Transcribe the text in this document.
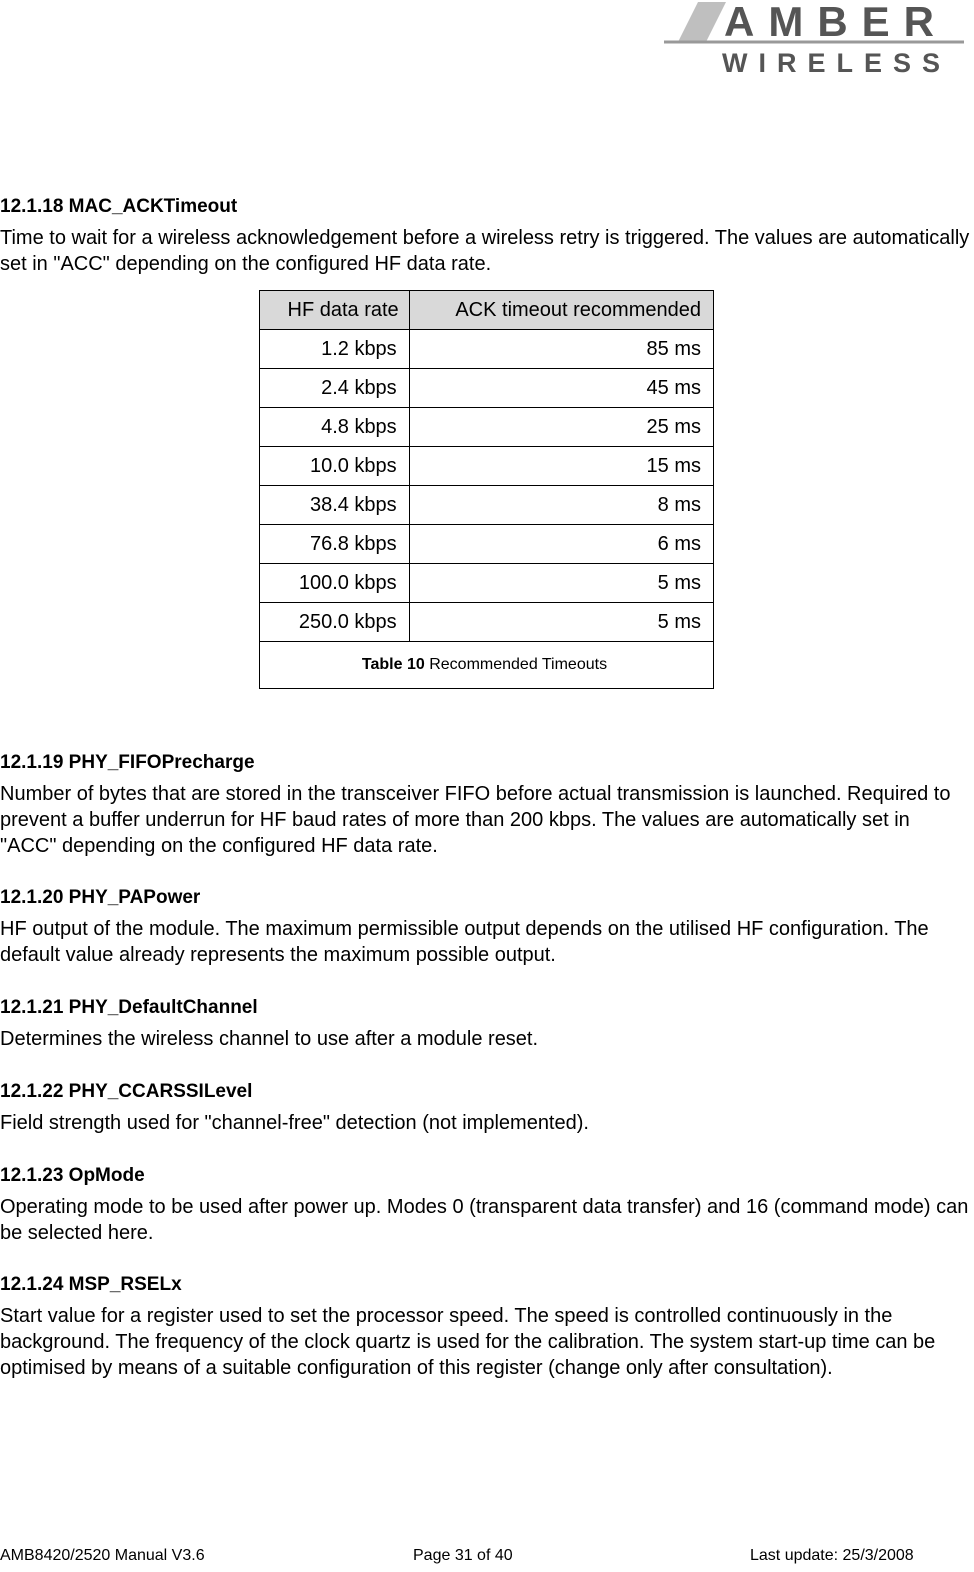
AMBER
WIRELESS
12.1.18 MAC_ACKTimeout

Time to wait for a wireless acknowledgement before a wireless retry is triggered. The values are automatically set in "ACC" depending on the configured HF data rate.

HF data rate	ACK timeout recommended
1.2 kbps	85 ms
2.4 kbps	45 ms
4.8 kbps	25 ms
10.0 kbps	15 ms
38.4 kbps	8 ms
76.8 kbps	6 ms
100.0 kbps	5 ms
250.0 kbps	5 ms
Table 10 Recommended Timeouts	
12.1.19 PHY_FIFOPrecharge

Number of bytes that are stored in the transceiver FIFO before actual transmission is launched. Required to prevent a buffer underrun for HF baud rates of more than 200 kbps. The values are automatically set in "ACC" depending on the configured HF data rate.

12.1.20 PHY_PAPower

HF output of the module. The maximum permissible output depends on the utilised HF configuration. The default value already represents the maximum possible output.

12.1.21 PHY_DefaultChannel

Determines the wireless channel to use after a module reset.

12.1.22 PHY_CCARSSILevel

Field strength used for "channel-free" detection (not implemented).

12.1.23 OpMode

Operating mode to be used after power up. Modes 0 (transparent data transfer) and 16 (command mode) can be selected here.

12.1.24 MSP_RSELx

Start value for a register used to set the processor speed. The speed is controlled continuously in the background. The frequency of the clock quartz is used for the calibration. The system start-up time can be optimised by means of a suitable configuration of this register (change only after consultation).

AMB8420/2520 Manual V3.6	Page 31 of 40	Last update: 25/3/2008
